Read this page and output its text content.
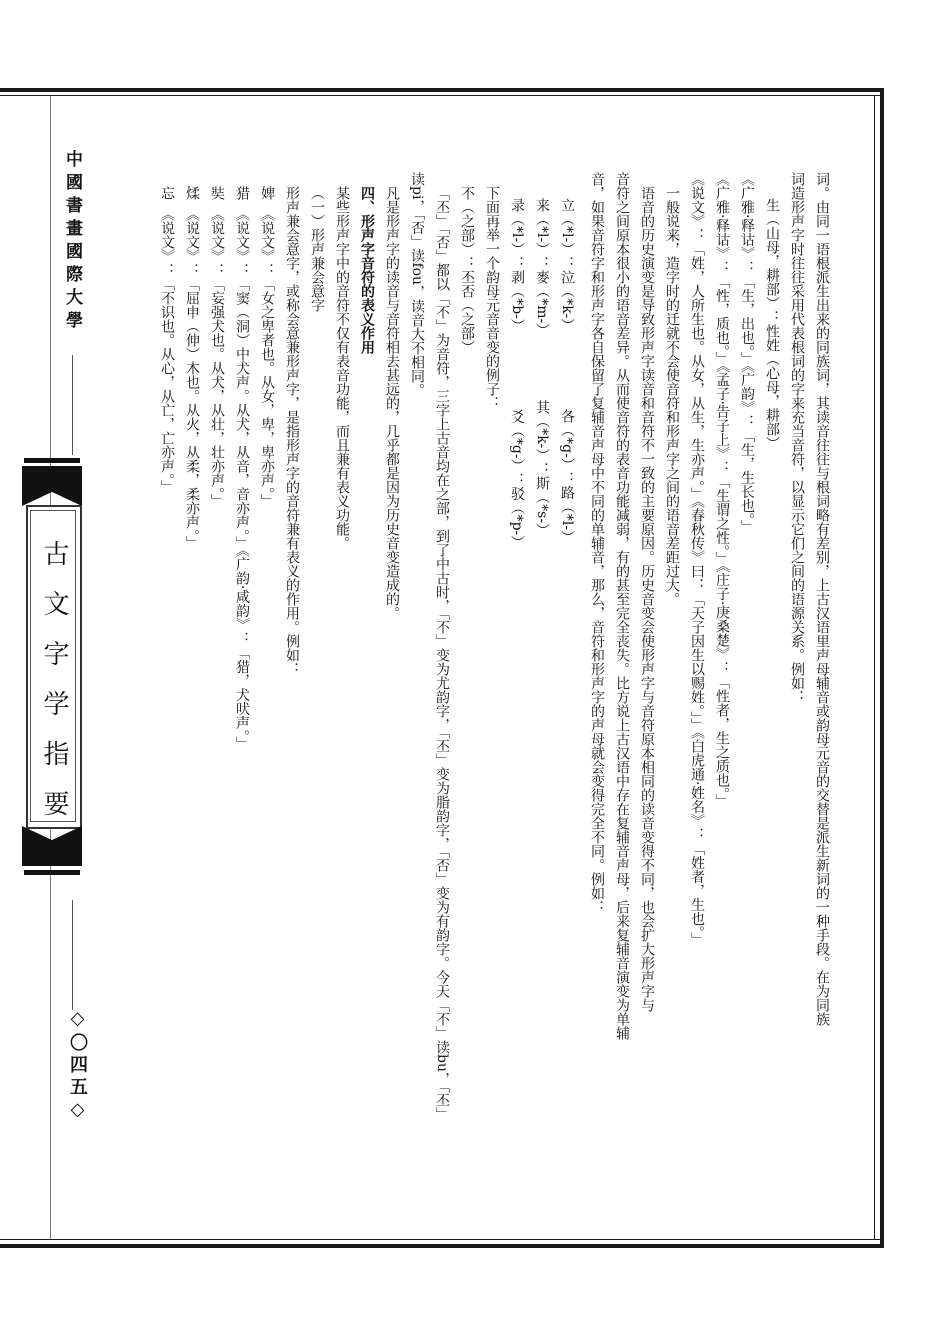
中國書畫國際大學
古文字学指要
◇〇四五◇
词。由同一语根派生出来的同族词，其读音往往与根词略有差别，上古汉语里声母辅音或韵母元音的交替是派生新词的一种手段。在为同族
词造形声字时往往采用代表根词的字来充当音符，以显示它们之间的语源关系。例如：
生（山母，耕部）：性姓（心母，耕部）
《广雅·释诂》：「生，出也。」《广韵》：「生，生长也。」
《广雅·释诂》：「性，质也。」《孟子·告子上》：「生谓之性。」《庄子·庚桑楚》：「性者，生之质也。」
《说文》：「姓，人所生也。从女，从生，生亦声。」《春秋传》曰：「天子因生以赐姓。」」《白虎通·姓名》：「姓者，生也。」
一般说来，造字时的迁就不会使音符和形声字之间的语音差距过大。
语音的历史演变是导致形声字读音和音符不一致的主要原因。历史音变会使形声字与音符原本相同的读音变得不同，也会扩大形声字与
音符之间原本很小的语音差异。从而使音符的表音功能减弱，有的甚至完全丧失。比方说上古汉语中存在复辅音声母，后来复辅音演变为单辅
音，如果音符字和形声字各自保留了复辅音声母中不同的单辅音，那么，音符和形声字的声母就会变得完全不同。例如：
立（*l-）：泣（*k-）　　　　　　各（*g-）：路（*l-）
来（*l-）：麥（*m-）　　　　　其（*k-）：斯（*s-）
录（*l-）：剥（*b-）　　　　　　爻（*g-）：驳（*p-）
下面再举一个韵母元音音变的例子：
不（之部）：丕否（之部）
「丕」「否」都以「不」为音符，三字上古音均在之部，到了中古时，「不」变为尤韵字，「丕」变为脂韵字，「否」变为有韵字。今天「不」读bu，「丕」
读pi，「否」读fou，读音大不相同。
凡是形声字的读音与音符相去甚远的，几乎都是因为历史音变造成的。
四、形声字音符的表义作用
某些形声字中的音符不仅有表音功能，而且兼有表义功能。
（一）形声兼会意字
形声兼会意字，或称会意兼形声字，是指形声字的音符兼有表义的作用。例如：
婢　《说文》：「女之卑者也。从女，卑，卑亦声。」
猎　《说文》：「窦（洞）中犬声。从犬，从音，音亦声。」《广韵·咸韵》：「猎，犬吠声。」
奘　《说文》：「妄强犬也。从犬，从壮，壮亦声。」
煣　《说文》：「屈申（伸）木也。从火，从柔，柔亦声。」
忘　《说文》：「不识也。从心，从亡，亡亦声。」
